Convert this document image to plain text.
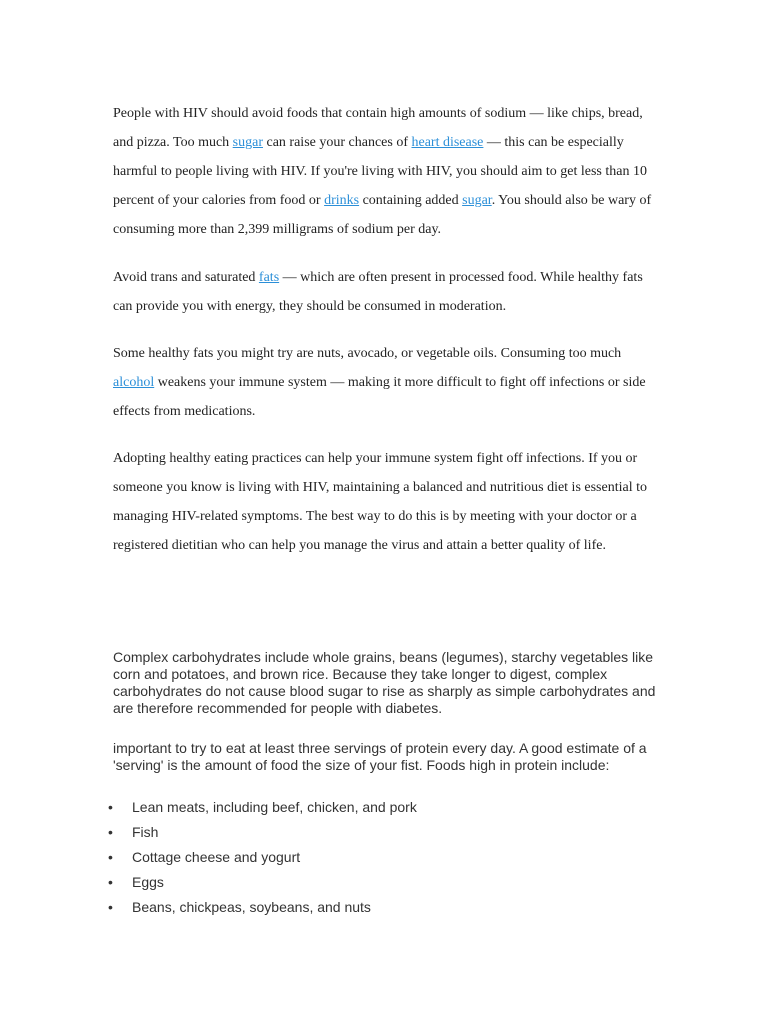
People with HIV should avoid foods that contain high amounts of sodium — like chips, bread, and pizza. Too much sugar can raise your chances of heart disease — this can be especially harmful to people living with HIV. If you're living with HIV, you should aim to get less than 10 percent of your calories from food or drinks containing added sugar. You should also be wary of consuming more than 2,399 milligrams of sodium per day.

Avoid trans and saturated fats — which are often present in processed food. While healthy fats can provide you with energy, they should be consumed in moderation.

Some healthy fats you might try are nuts, avocado, or vegetable oils. Consuming too much alcohol weakens your immune system — making it more difficult to fight off infections or side effects from medications.

Adopting healthy eating practices can help your immune system fight off infections. If you or someone you know is living with HIV, maintaining a balanced and nutritious diet is essential to managing HIV-related symptoms. The best way to do this is by meeting with your doctor or a registered dietitian who can help you manage the virus and attain a better quality of life.

Complex carbohydrates include whole grains, beans (legumes), starchy vegetables like corn and potatoes, and brown rice. Because they take longer to digest, complex carbohydrates do not cause blood sugar to rise as sharply as simple carbohydrates and are therefore recommended for people with diabetes.

important to try to eat at least three servings of protein every day. A good estimate of a 'serving' is the amount of food the size of your fist. Foods high in protein include:

• Lean meats, including beef, chicken, and pork
• Fish
• Cottage cheese and yogurt
• Eggs
• Beans, chickpeas, soybeans, and nuts
